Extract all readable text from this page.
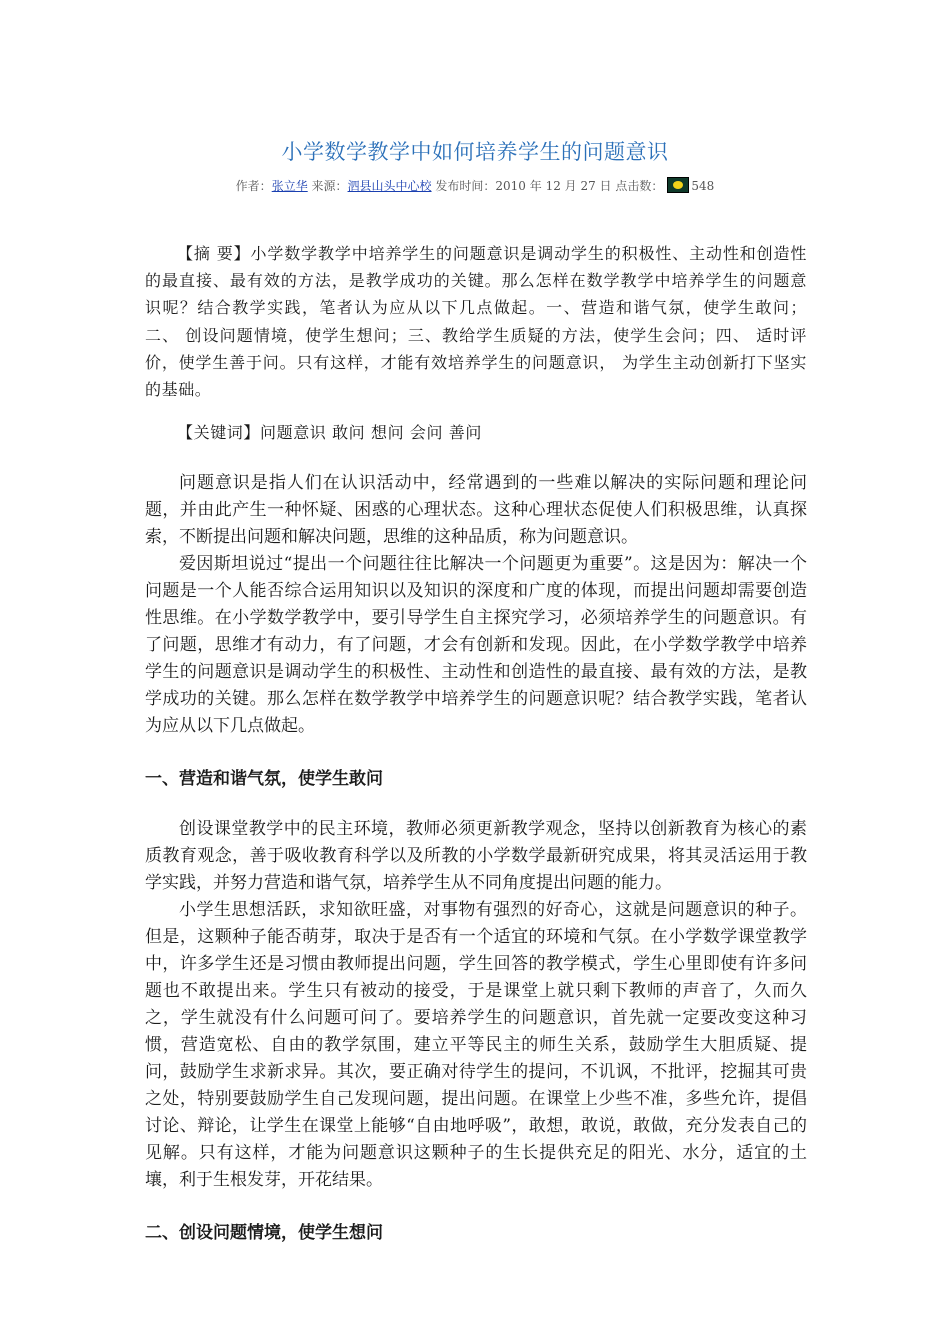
小学数学教学中如何培养学生的问题意识
作者：张立华 来源：泗县山头中心校 发布时间：2010 年 12 月 27 日 点击数： 548

【摘 要】小学数学教学中培养学生的问题意识是调动学生的积极性、主动性和创造性的最直接、最有效的方法，是教学成功的关键。那么怎样在数学教学中培养学生的问题意识呢？结合教学实践，笔者认为应从以下几点做起。一、营造和谐气氛，使学生敢问；二、 创设问题情境，使学生想问；三、教给学生质疑的方法，使学生会问；四、 适时评价，使学生善于问。只有这样，才能有效培养学生的问题意识， 为学生主动创新打下坚实的基础。

【关键词】问题意识 敢问 想问 会问 善问

问题意识是指人们在认识活动中，经常遇到的一些难以解决的实际问题和理论问题，并由此产生一种怀疑、困惑的心理状态。这种心理状态促使人们积极思维，认真探索，不断提出问题和解决问题，思维的这种品质，称为问题意识。

爱因斯坦说过“提出一个问题往往比解决一个问题更为重要”。这是因为：解决一个问题是一个人能否综合运用知识以及知识的深度和广度的体现，而提出问题却需要创造性思维。在小学数学教学中，要引导学生自主探究学习，必须培养学生的问题意识。有了问题，思维才有动力，有了问题，才会有创新和发现。因此，在小学数学教学中培养学生的问题意识是调动学生的积极性、主动性和创造性的最直接、最有效的方法，是教学成功的关键。那么怎样在数学教学中培养学生的问题意识呢？结合教学实践，笔者认为应从以下几点做起。

一、营造和谐气氛，使学生敢问

创设课堂教学中的民主环境，教师必须更新教学观念，坚持以创新教育为核心的素质教育观念，善于吸收教育科学以及所教的小学数学最新研究成果，将其灵活运用于教学实践，并努力营造和谐气氛，培养学生从不同角度提出问题的能力。

小学生思想活跃，求知欲旺盛，对事物有强烈的好奇心，这就是问题意识的种子。但是，这颗种子能否萌芽，取决于是否有一个适宜的环境和气氛。在小学数学课堂教学中，许多学生还是习惯由教师提出问题，学生回答的教学模式，学生心里即使有许多问题也不敢提出来。学生只有被动的接受，于是课堂上就只剩下教师的声音了，久而久之，学生就没有什么问题可问了。要培养学生的问题意识，首先就一定要改变这种习惯，营造宽松、自由的教学氛围，建立平等民主的师生关系，鼓励学生大胆质疑、提问，鼓励学生求新求异。其次，要正确对待学生的提问，不讥讽，不批评，挖掘其可贵之处，特别要鼓励学生自己发现问题，提出问题。在课堂上少些不准，多些允许，提倡讨论、辩论，让学生在课堂上能够“自由地呼吸”，敢想，敢说，敢做，充分发表自己的见解。只有这样，才能为问题意识这颗种子的生长提供充足的阳光、水分，适宜的土壤，利于生根发芽，开花结果。

二、创设问题情境，使学生想问
